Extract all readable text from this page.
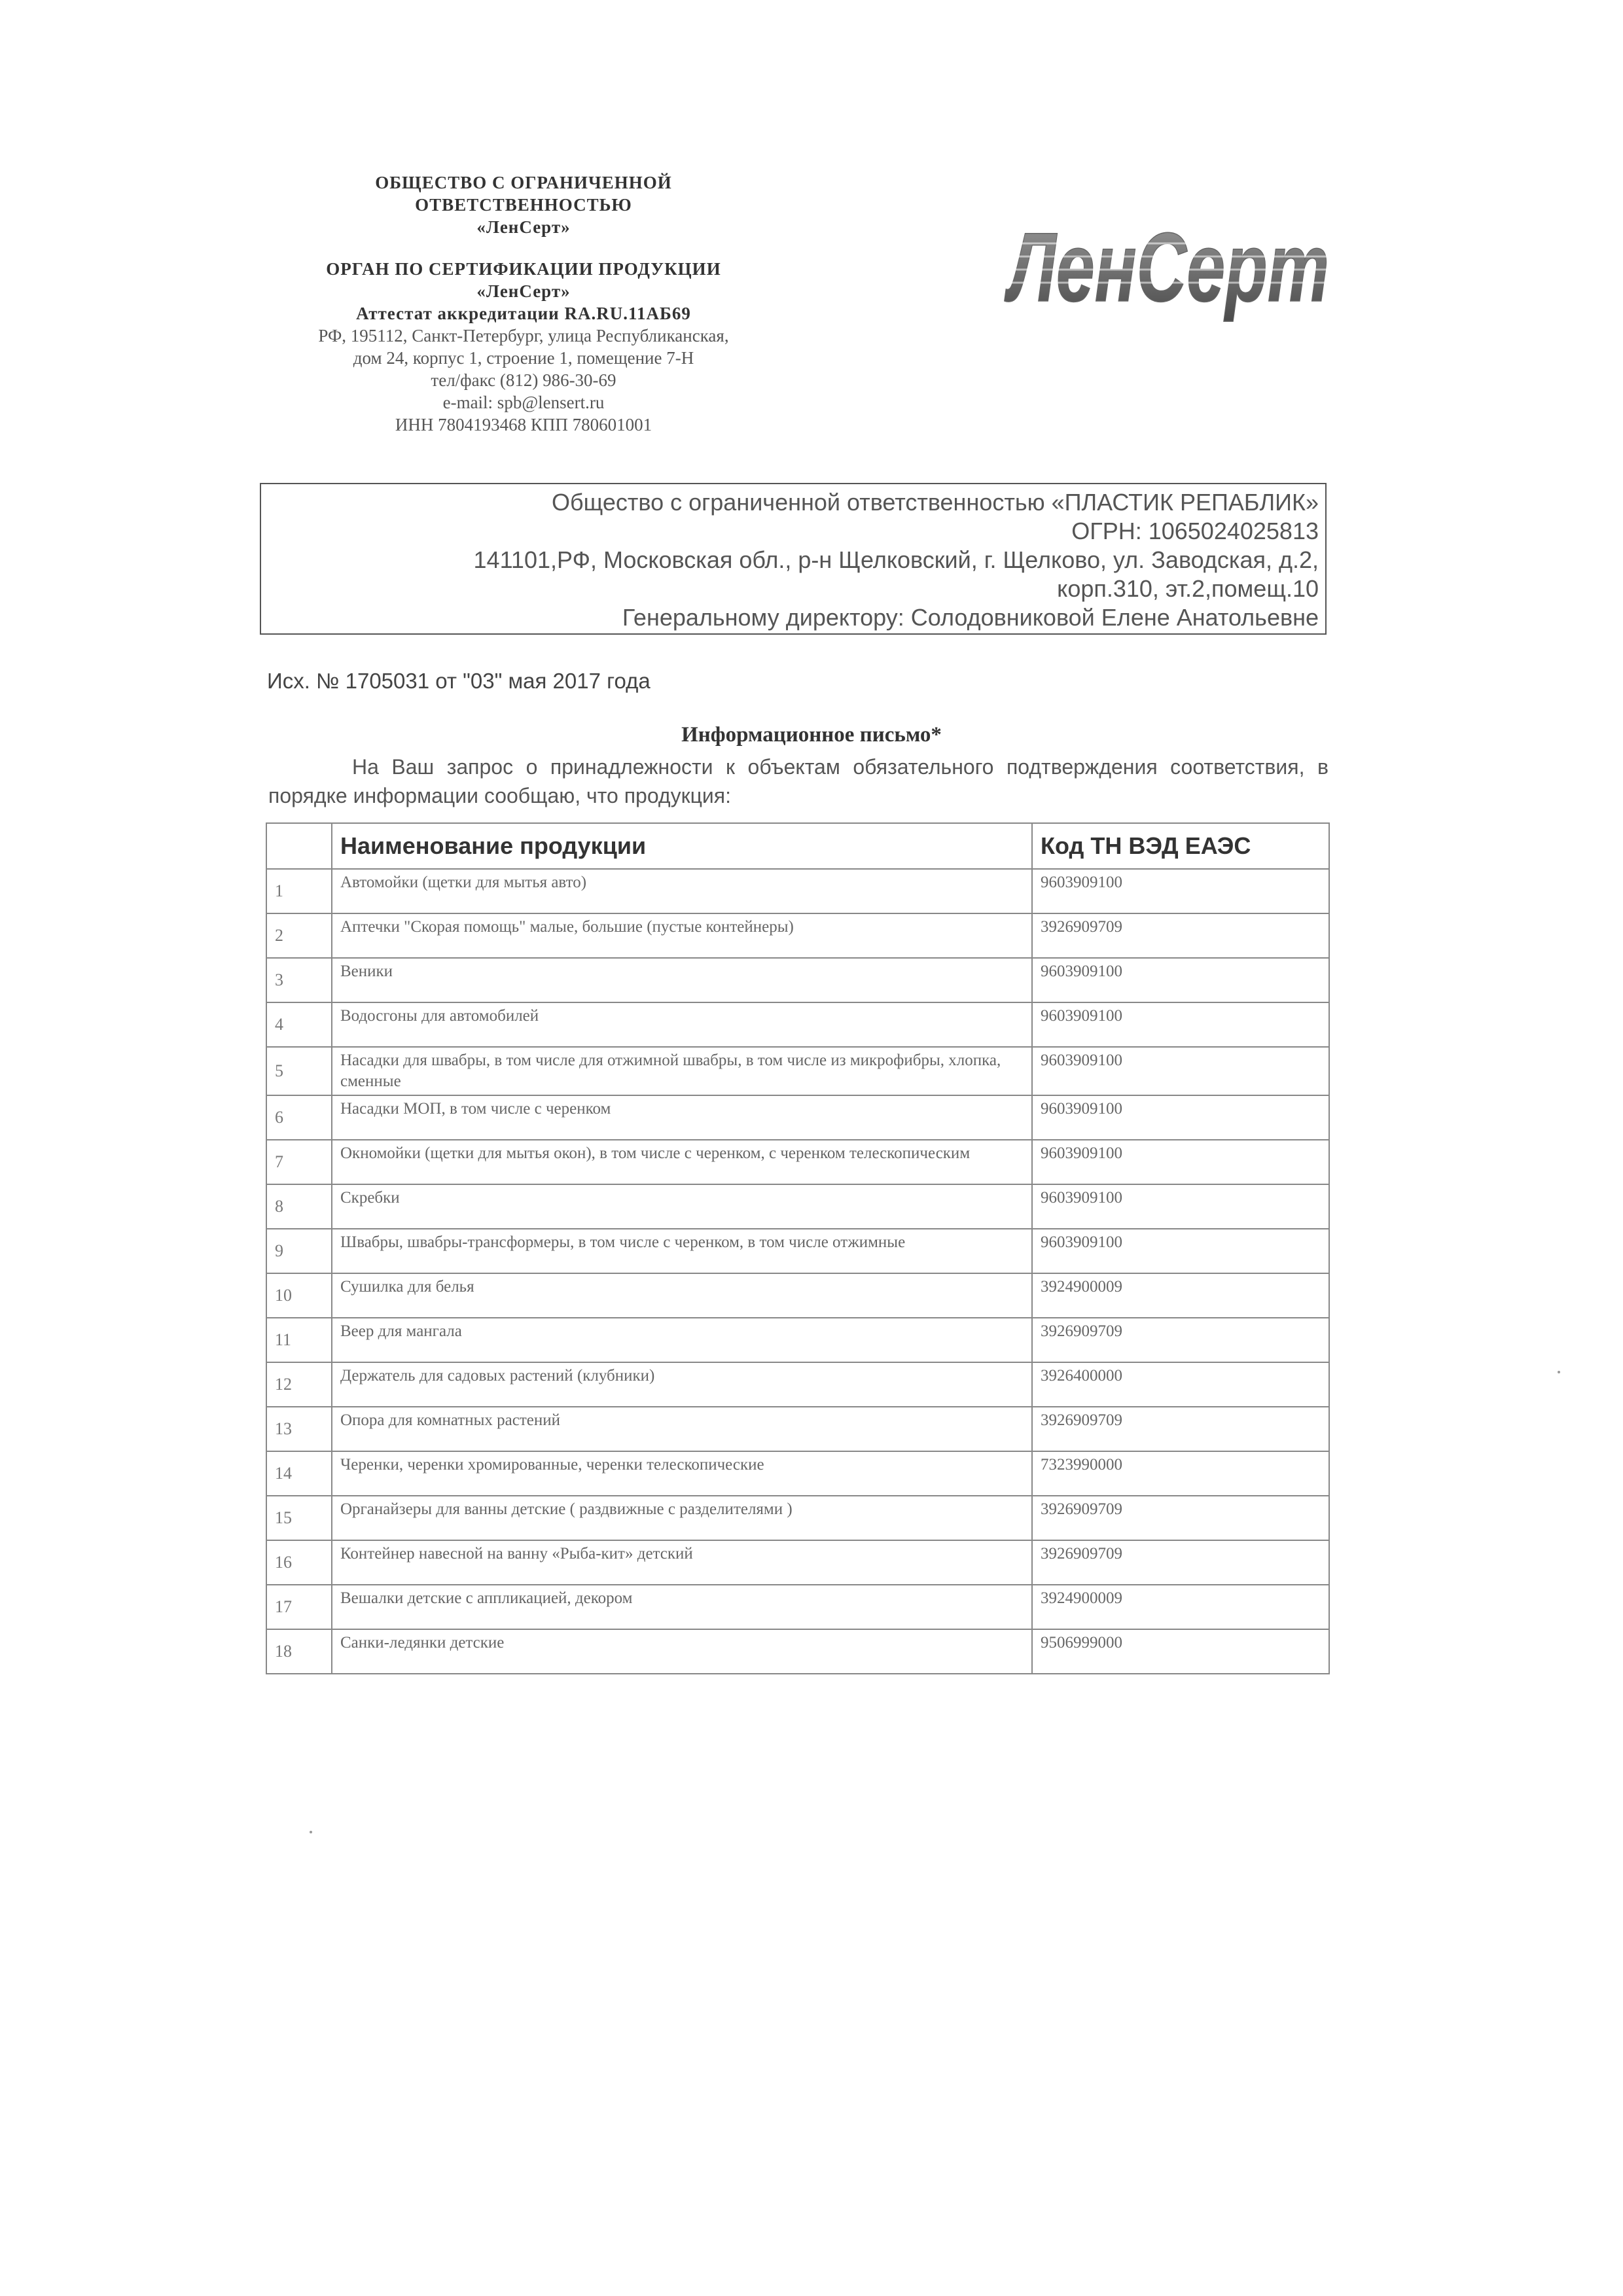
ОБЩЕСТВО С ОГРАНИЧЕННОЙ
ОТВЕТСТВЕННОСТЬЮ
«ЛенСерт»
ОРГАН ПО СЕРТИФИКАЦИИ ПРОДУКЦИИ
«ЛенСерт»
Аттестат аккредитации RA.RU.11АБ69
РФ, 195112, Санкт-Петербург, улица Республиканская,
дом 24, корпус 1, строение 1, помещение 7-Н
тел/факс (812) 986-30-69
e-mail: spb@lensert.ru
ИНН 7804193468 КПП 780601001
ЛенСерт
Общество с ограниченной ответственностью «ПЛАСТИК РЕПАБЛИК»
ОГРН: 1065024025813
141101,РФ, Московская обл., р-н Щелковский, г. Щелково, ул. Заводская, д.2,
корп.310, эт.2,помещ.10
Генеральному директору: Солодовниковой Елене Анатольевне
Исх. № 1705031 от "03" мая 2017 года
Информационное письмо*
На Ваш запрос о принадлежности к объектам обязательного подтверждения соответствия, в порядке информации сообщаю, что продукция:
	Наименование продукции	Код ТН ВЭД ЕАЭС
1	Автомойки (щетки для мытья авто)	9603909100
2	Аптечки "Скорая помощь" малые, большие (пустые контейнеры)	3926909709
3	Веники	9603909100
4	Водосгоны для автомобилей	9603909100
5	Насадки для швабры, в том числе для отжимной швабры, в том числе из микрофибры, хлопка, сменные	9603909100
6	Насадки МОП, в том числе с черенком	9603909100
7	Окномойки (щетки для мытья окон), в том числе с черенком, с черенком телескопическим	9603909100
8	Скребки	9603909100
9	Швабры, швабры-трансформеры, в том числе с черенком, в том числе отжимные	9603909100
10	Сушилка для белья	3924900009
11	Веер для мангала	3926909709
12	Держатель для садовых растений (клубники)	3926400000
13	Опора для комнатных растений	3926909709
14	Черенки, черенки хромированные, черенки телескопические	7323990000
15	Органайзеры для ванны детские ( раздвижные с разделителями )	3926909709
16	Контейнер навесной на ванну «Рыба-кит» детский	3926909709
17	Вешалки детские с аппликацией, декором	3924900009
18	Санки-ледянки детские	9506999000
